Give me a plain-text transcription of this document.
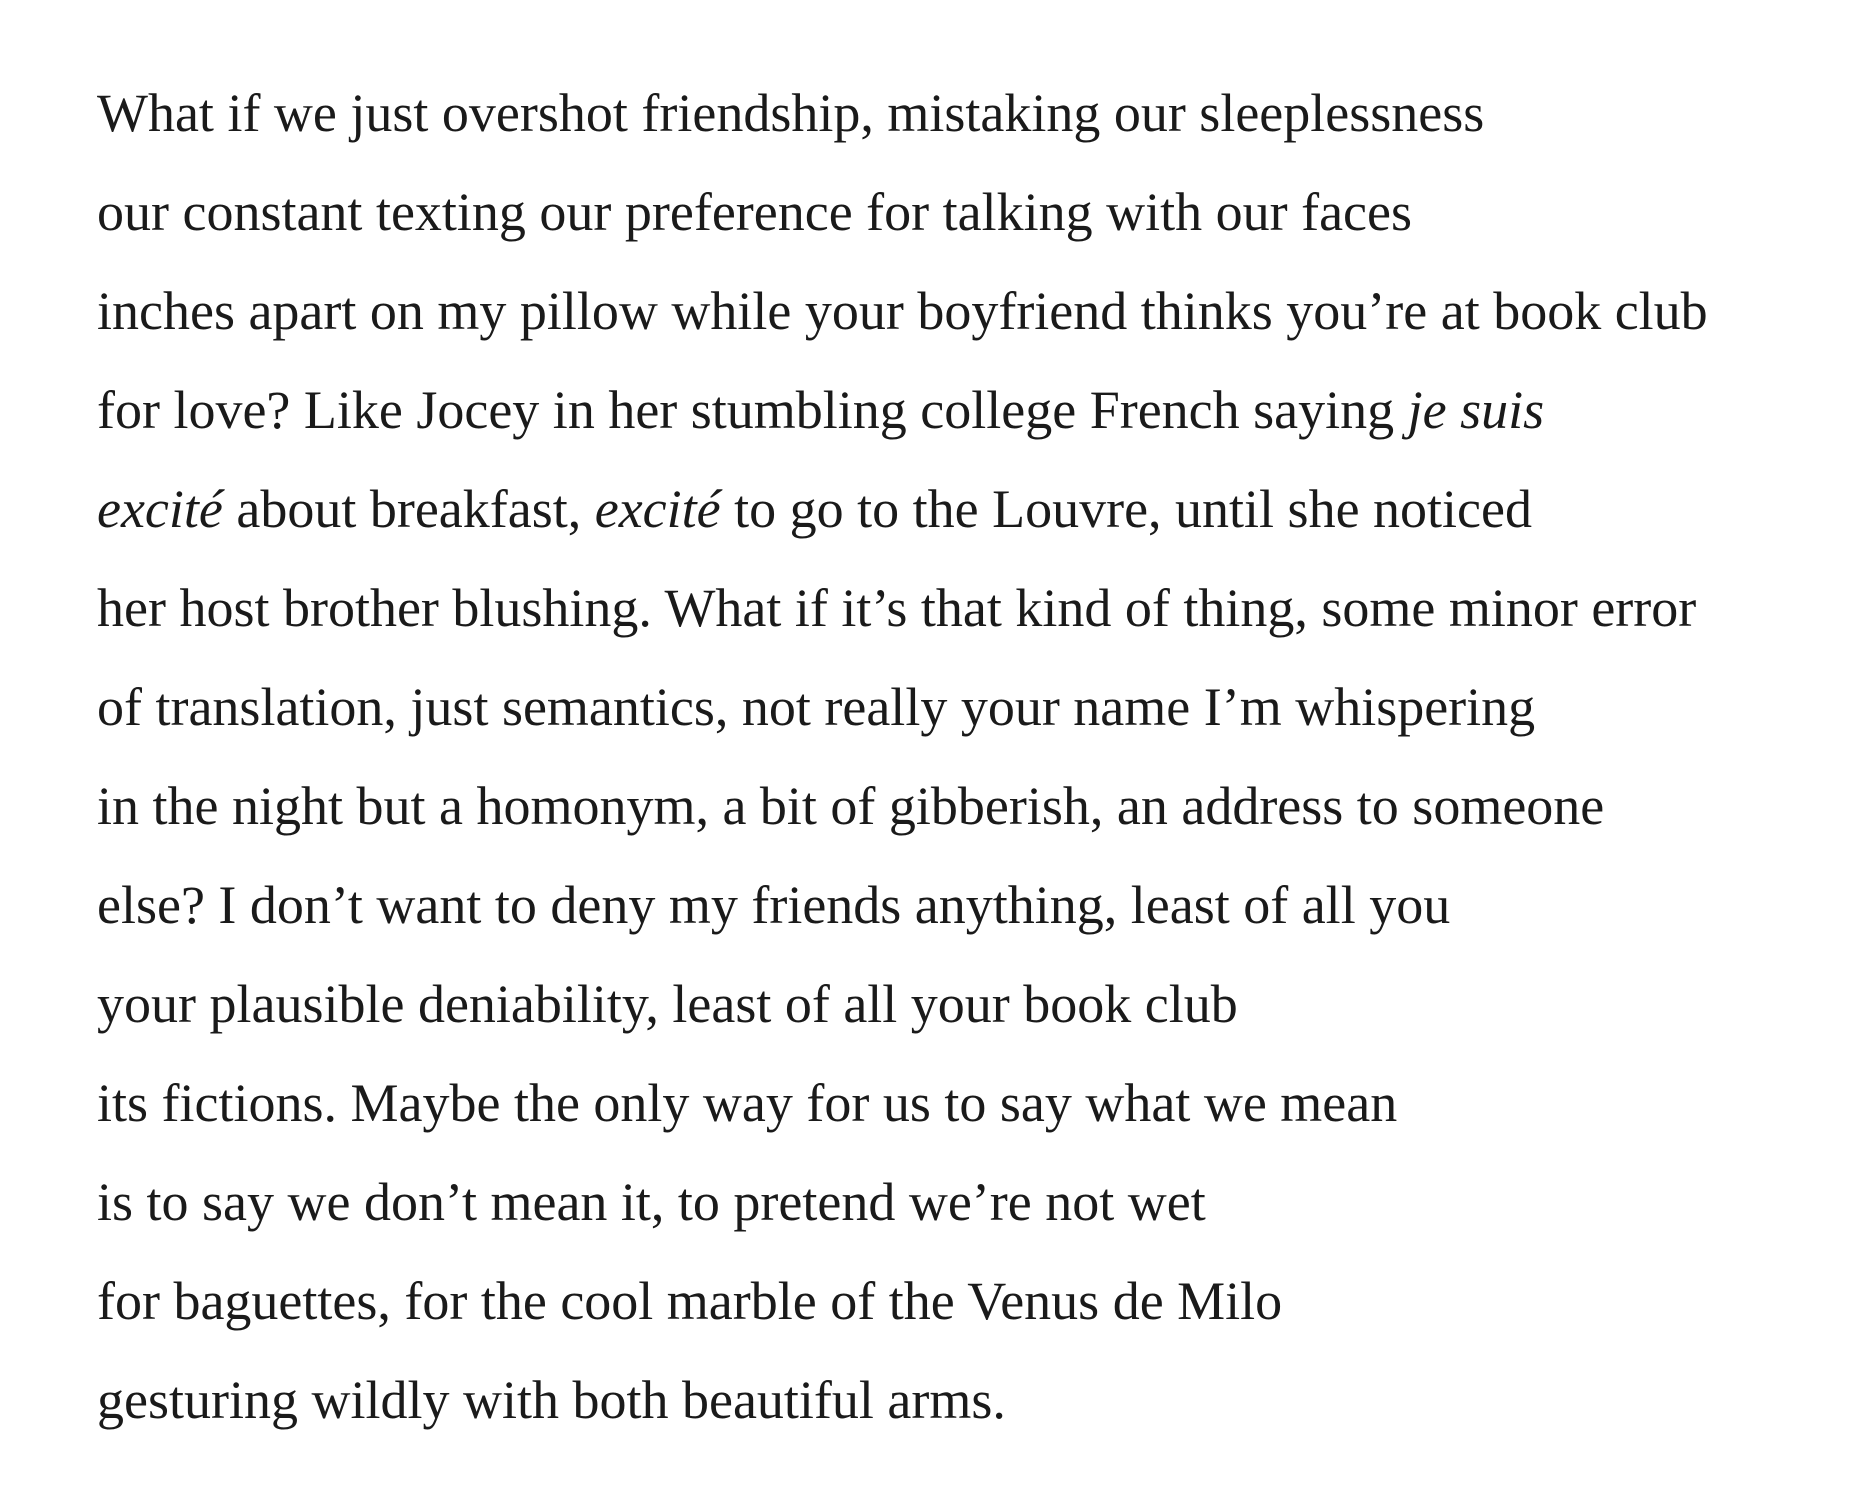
What if we just overshot friendship, mistaking our sleeplessness
our constant texting our preference for talking with our faces
inches apart on my pillow while your boyfriend thinks you’re at book club
for love? Like Jocey in her stumbling college French saying je suis
excité about breakfast, excité to go to the Louvre, until she noticed
her host brother blushing. What if it’s that kind of thing, some minor error
of translation, just semantics, not really your name I’m whispering
in the night but a homonym, a bit of gibberish, an address to someone
else? I don’t want to deny my friends anything, least of all you
your plausible deniability, least of all your book club
its fictions. Maybe the only way for us to say what we mean
is to say we don’t mean it, to pretend we’re not wet
for baguettes, for the cool marble of the Venus de Milo
gesturing wildly with both beautiful arms.
